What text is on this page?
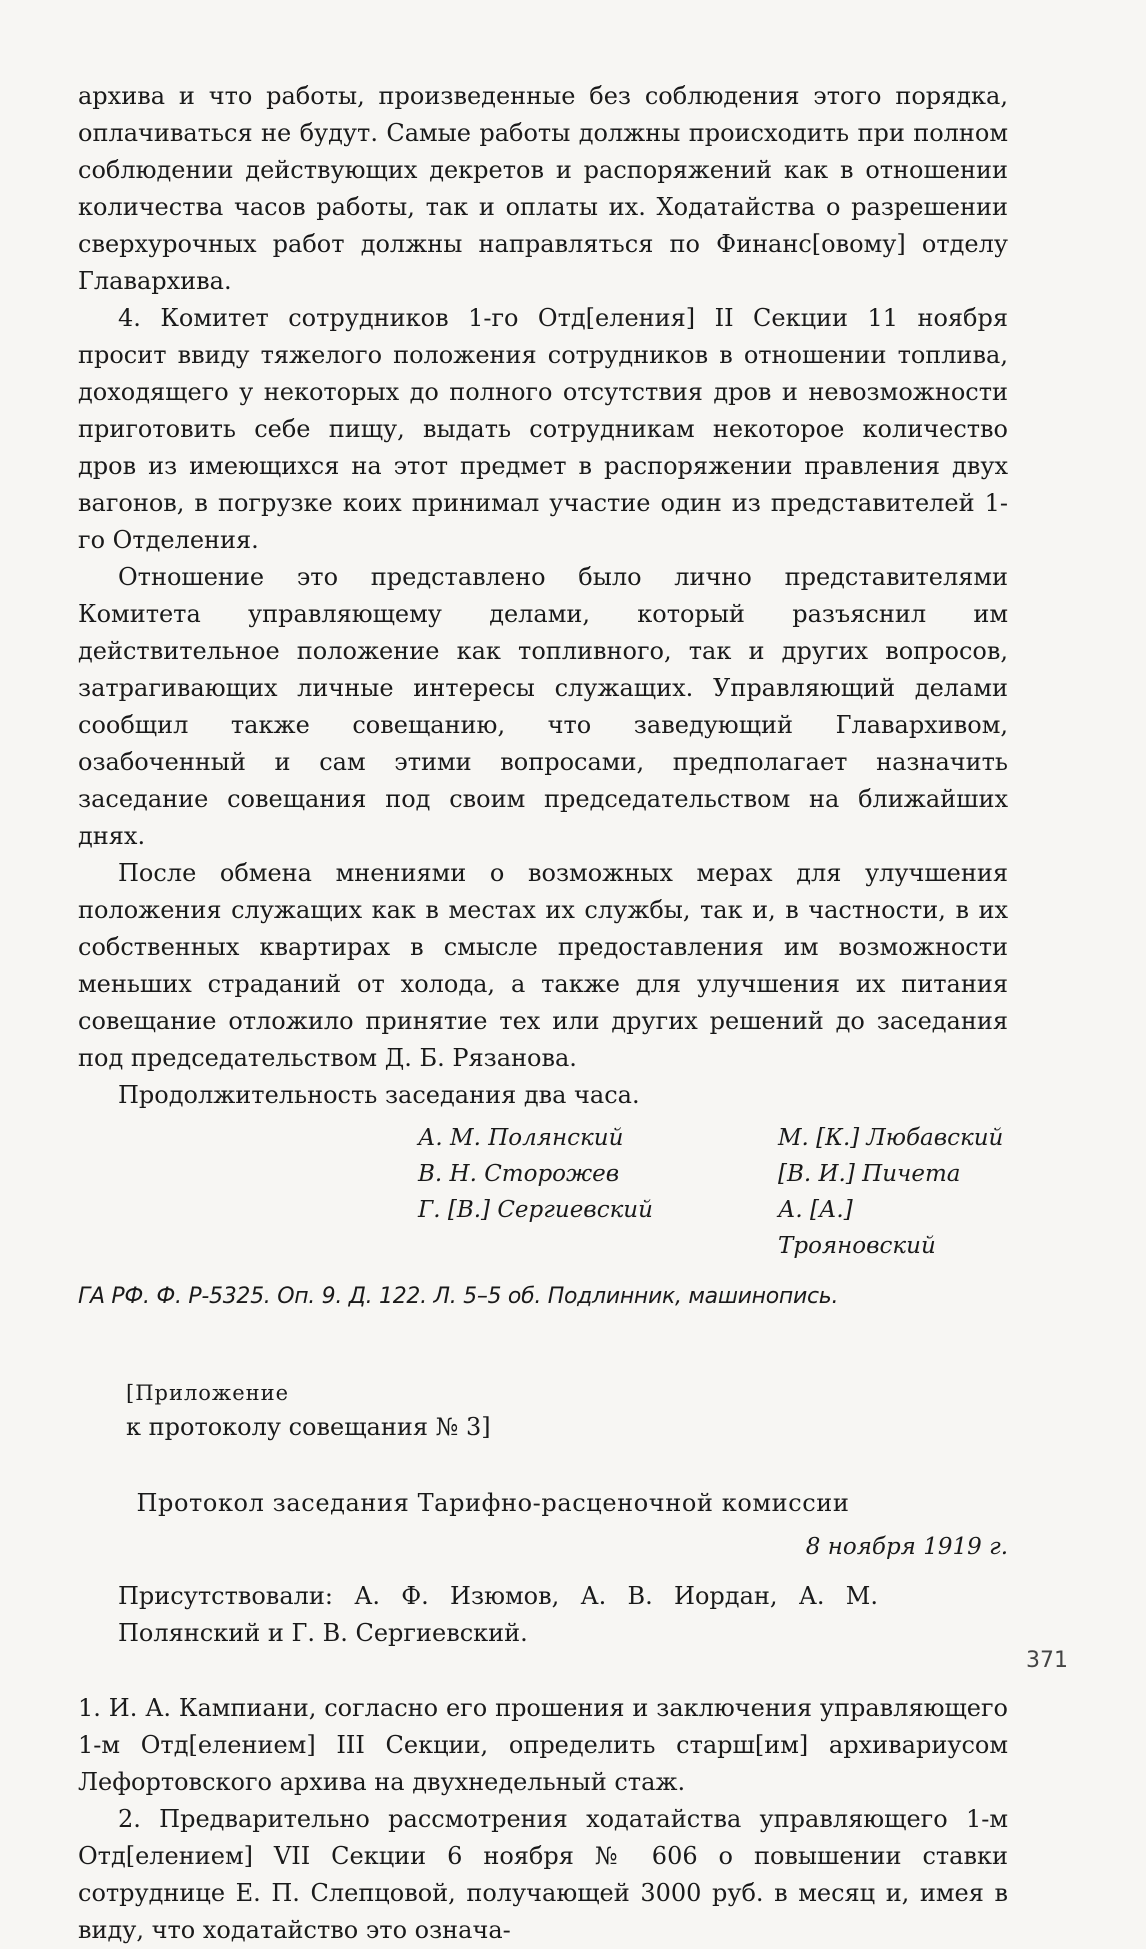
архива и что работы, произведенные без соблюдения этого порядка, оплачиваться не будут. Самые работы должны происходить при полном соблюдении действующих декретов и распоряжений как в отношении количества часов работы, так и оплаты их. Ходатайства о разрешении сверхурочных работ должны направляться по Финанс[овому] отделу Главархива.

4. Комитет сотрудников 1-го Отд[еления] II Секции 11 ноября просит ввиду тяжелого положения сотрудников в отношении топлива, доходящего у некоторых до полного отсутствия дров и невозможности приготовить себе пищу, выдать сотрудникам некоторое количество дров из имеющихся на этот предмет в распоряжении правления двух вагонов, в погрузке коих принимал участие один из представителей 1-го Отделения.

Отношение это представлено было лично представителями Комитета управляющему делами, который разъяснил им действительное положение как топливного, так и других вопросов, затрагивающих личные интересы служащих. Управляющий делами сообщил также совещанию, что заведующий Главархивом, озабоченный и сам этими вопросами, предполагает назначить заседание совещания под своим председательством на ближайших днях.

После обмена мнениями о возможных мерах для улучшения положения служащих как в местах их службы, так и, в частности, в их собственных квартирах в смысле предоставления им возможности меньших страданий от холода, а также для улучшения их питания совещание отложило принятие тех или других решений до заседания под председательством Д. Б. Рязанова.

Продолжительность заседания два часа.

А. М. Полянский
В. Н. Сторожев
Г. [В.] Сергиевский
М. [К.] Любавский
[В. И.] Пичета
А. [А.] Трояновский
ГА РФ. Ф. Р-5325. Оп. 9. Д. 122. Л. 5–5 об. Подлинник, машинопись.
[Приложение
к протоколу совещания № 3]
Протокол заседания Тарифно-расценочной комиссии
8 ноября 1919 г.

Присутствовали: А. Ф. Изюмов, А. В. Иордан, А. М. Полянский и Г. В. Сергиевский.

1. И. А. Кампиани, согласно его прошения и заключения управляющего 1-м Отд[елением] III Секции, определить старш[им] архивариусом Лефортовского архива на двухнедельный стаж.

2. Предварительно рассмотрения ходатайства управляющего 1-м Отд[елением] VII Секции 6 ноября № 606 о повышении ставки сотруднице Е. П. Слепцовой, получающей 3000 руб. в месяц и, имея в виду, что ходатайство это означа-

371
